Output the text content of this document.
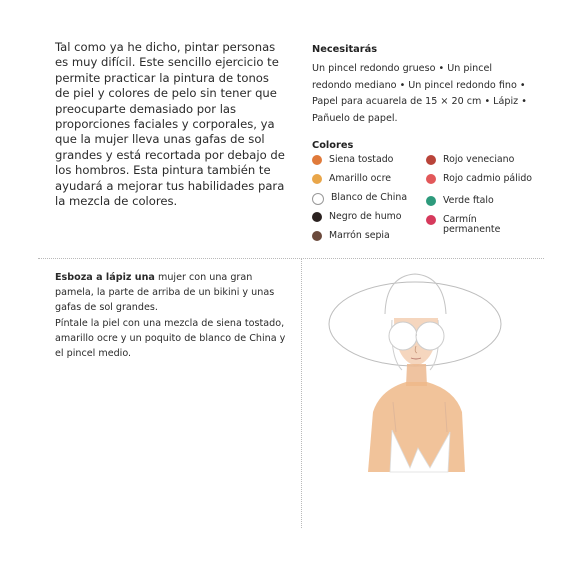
Tal como ya he dicho, pintar personas es muy difícil. Este sencillo ejercicio te permite practicar la pintura de tonos de piel y colores de pelo sin tener que preocuparte demasiado por las proporciones faciales y corporales, ya que la mujer lleva unas gafas de sol grandes y está recortada por debajo de los hombros. Esta pintura también te ayudará a mejorar tus habilidades para la mezcla de colores.
Necesitarás
Un pincel redondo grueso • Un pincel redondo mediano • Un pincel redondo fino • Papel para acuarela de 15 × 20 cm • Lápiz • Pañuelo de papel.
Colores
Siena tostado
Amarillo ocre
Blanco de China
Negro de humo
Marrón sepia
Rojo veneciano
Rojo cadmio pálido
Verde ftalo
Carmín permanente
Esboza a lápiz una mujer con una gran pamela, la parte de arriba de un bikini y unas gafas de sol grandes.
Píntale la piel con una mezcla de siena tostado, amarillo ocre y un poquito de blanco de China y el pincel medio.
